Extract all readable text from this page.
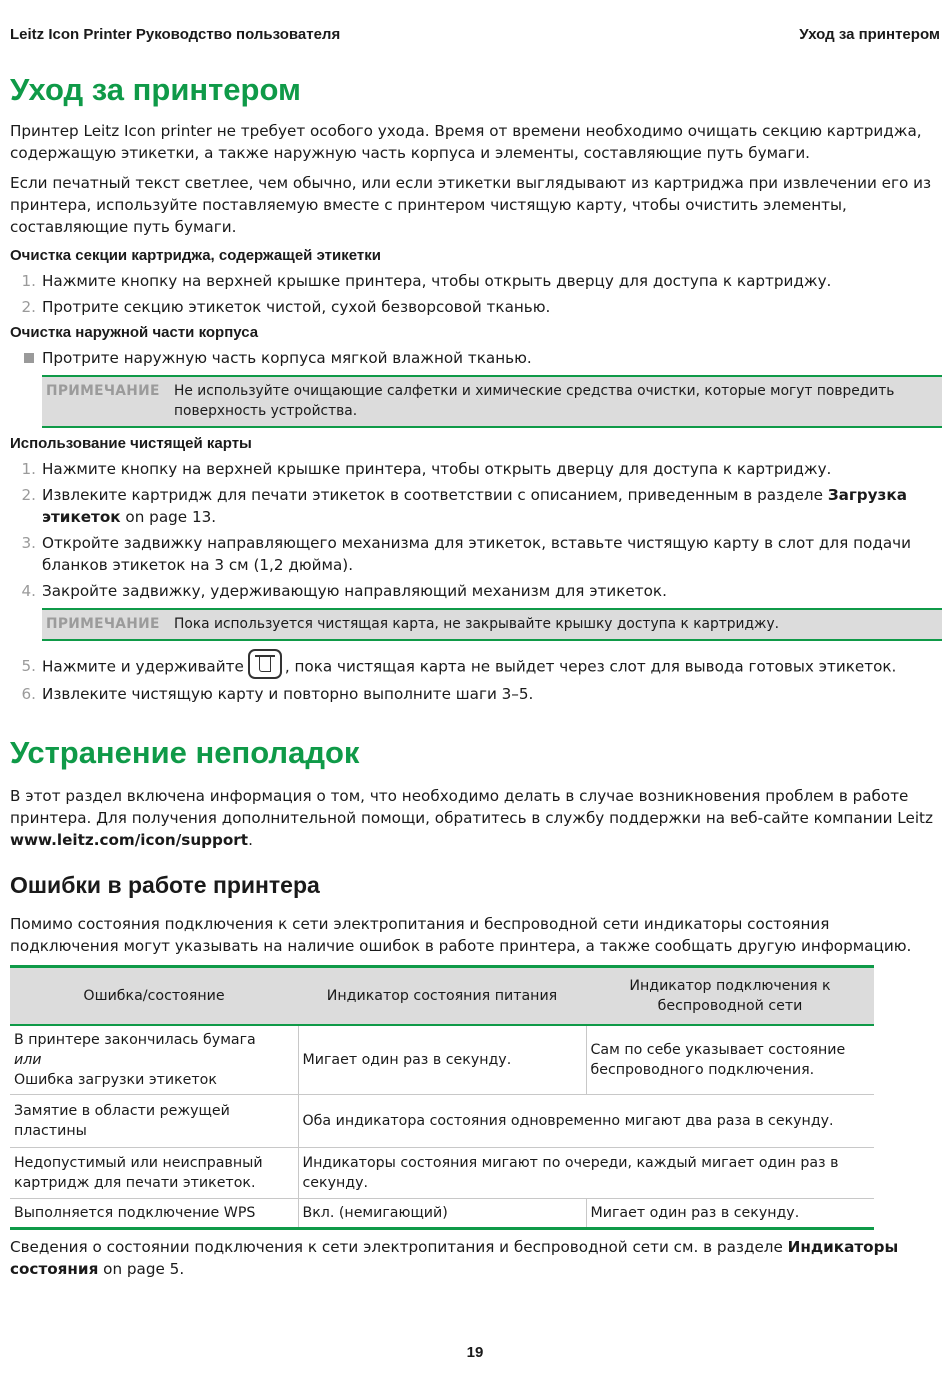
Leitz Icon Printer Руководство пользователя	Уход за принтером
Уход за принтером

Принтер Leitz Icon printer не требует особого ухода. Время от времени необходимо очищать секцию картриджа, содержащую этикетки, а также наружную часть корпуса и элементы, составляющие путь бумаги.

Если печатный текст светлее, чем обычно, или если этикетки выглядывают из картриджа при извлечении его из принтера, используйте поставляемую вместе с принтером чистящую карту, чтобы очистить элементы, составляющие путь бумаги.

Очистка секции картриджа, содержащей этикетки
1. Нажмите кнопку на верхней крышке принтера, чтобы открыть дверцу для доступа к картриджу.
2. Протрите секцию этикеток чистой, сухой безворсовой тканью.
Очистка наружной части корпуса
Протрите наружную часть корпуса мягкой влажной тканью.
ПРИМЕЧАНИЕ	Не используйте очищающие салфетки и химические средства очистки, которые могут повредить поверхность устройства.
Использование чистящей карты
1. Нажмите кнопку на верхней крышке принтера, чтобы открыть дверцу для доступа к картриджу.
2. Извлеките картридж для печати этикеток в соответствии с описанием, приведенным в разделе Загрузка этикеток on page 13.
3. Откройте задвижку направляющего механизма для этикеток, вставьте чистящую карту в слот для подачи бланков этикеток на 3 см (1,2 дюйма).
4. Закройте задвижку, удерживающую направляющий механизм для этикеток.
ПРИМЕЧАНИЕ	Пока используется чистящая карта, не закрывайте крышку доступа к картриджу.
5. Нажмите и удерживайте	, пока чистящая карта не выйдет через слот для вывода готовых этикеток.
6. Извлеките чистящую карту и повторно выполните шаги 3–5.
Устранение неполадок

В этот раздел включена информация о том, что необходимо делать в случае возникновения проблем в работе принтера. Для получения дополнительной помощи, обратитесь в службу поддержки на веб-сайте компании Leitz www.leitz.com/icon/support.

Ошибки в работе принтера

Помимо состояния подключения к сети электропитания и беспроводной сети индикаторы состояния подключения могут указывать на наличие ошибок в работе принтера, а также сообщать другую информацию.

Ошибка/состояние	Индикатор состояния питания	Индикатор подключения к беспроводной сети

В принтере закончилась бумага
или
Ошибка загрузки этикеток	Мигает один раз в секунду.	Сам по себе указывает состояние беспроводного подключения.
Замятие в области режущей пластины	Оба индикатора состояния одновременно мигают два раза в секунду.	
Недопустимый или неисправный картридж для печати этикеток.	Индикаторы состояния мигают по очереди, каждый мигает один раз в секунду.	
Выполняется подключение WPS	Вкл. (немигающий)	Мигает один раз в секунду.

Сведения о состоянии подключения к сети электропитания и беспроводной сети см. в разделе Индикаторы состояния on page 5.

19
